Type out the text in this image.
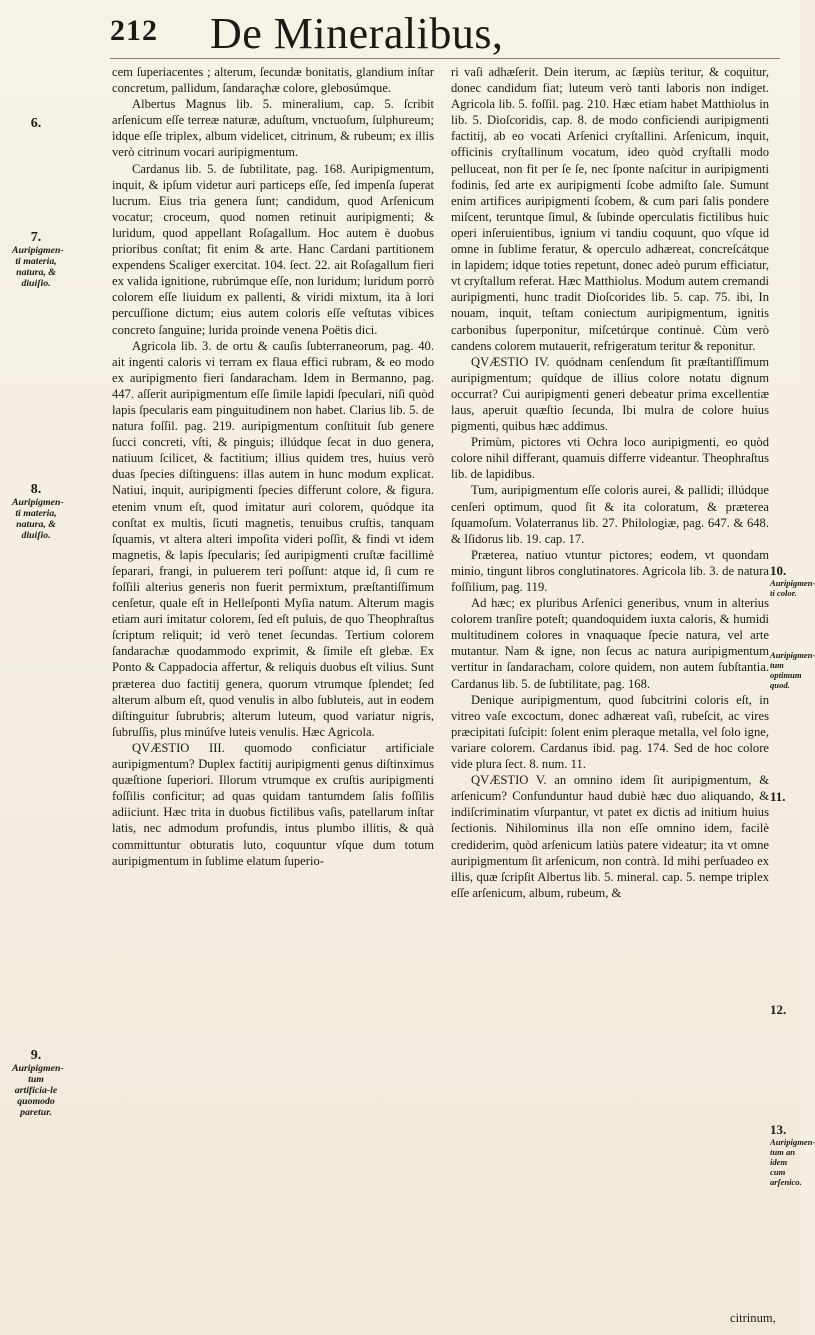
212 De Mineralibus,
6.
7.
Auripigmen-ti materia, natura, & diuiſio.
8.
Auripigmen-ti materia, natura, & diuiſio.
9.
Auripigmen-tum artificia-le quomodo paretur.
10.
Auripigmen-ti color.
Auripigmen-tum optimum quod.
11.
12.
13.
Auripigmen-tum an idem cum arſenico.

cem ſuperiacentes ; alterum, ſecundæ bonitatis, glandium inſtar concretum, pallidum, ſandaraçhæ colore, glebosúmque.

Albertus Magnus lib. 5. mineralium, cap. 5. ſcribit arſenicum eſſe terreæ naturæ, aduſtum, vnctuoſum, ſulphureum; idque eſſe triplex, album videlicet, citrinum, & rubeum; ex illis verò citrinum vocari auripigmentum.

Cardanus lib. 5. de ſubtilitate, pag. 168. Auripigmentum, inquit, & ipſum videtur auri particeps eſſe, ſed impenſa ſuperat lucrum. Eius tria genera ſunt; candidum, quod Arſenicum vocatur; croceum, quod nomen retinuit auripigmenti; & luridum, quod appellant Roſagallum. Hoc autem è duobus prioribus conſtat; fit enim & arte. Hanc Cardani partitionem expendens Scaliger exercitat. 104. ſect. 22. ait Roſagallum fieri ex valida ignitione, rubrúmque eſſe, non luridum; luridum porrò colorem eſſe liuidum ex pallenti, & viridi mixtum, ita à lori percuſſione dictum; eius autem coloris eſſe veſtutas vibices concreto ſanguine; lurida proinde venena Poëtis dici.

Agricola lib. 3. de ortu & cauſis ſubterraneorum, pag. 40. ait ingenti caloris vi terram ex flaua effici rubram, & eo modo ex auripigmento fieri ſandaracham. Idem in Bermanno, pag. 447. aſſerit auripigmentum eſſe ſimile lapidi ſpeculari, niſi quòd lapis ſpecularis eam pinguitudinem non habet. Clarius lib. 5. de natura foſſil. pag. 219. auripigmentum conſtituit ſub genere ſucci concreti, vſti, & pinguis; illúdque ſecat in duo genera, natiuum ſcilicet, & factitium; illius quidem tres, huius verò duas ſpecies diſtinguens: illas autem in hunc modum explicat. Natiui, inquit, auripigmenti ſpecies differunt colore, & figura. etenim vnum eſt, quod imitatur auri colorem, quódque ita conſtat ex multis, ſicuti magnetis, tenuibus cruſtis, tanquam ſquamis, vt altera alteri impoſita videri poſſit, & findi vt idem magnetis, & lapis ſpecularis; ſed auripigmenti cruſtæ facillimè ſeparari, frangi, in puluerem teri poſſunt: atque id, ſi cum re foſſili alterius generis non fuerit permixtum, præſtantiſſimum cenſetur, quale eſt in Helleſponti Myſia natum. Alterum magis etiam auri imitatur colorem, ſed eſt puluis, de quo Theophraſtus ſcriptum reliquit; id verò tenet ſecundas. Tertium colorem ſandarachæ quodammodo exprimit, & ſimile eſt glebæ. Ex Ponto & Cappadocia affertur, & reliquis duobus eſt vilius. Sunt præterea duo factitij genera, quorum vtrumque ſplendet; ſed alterum album eſt, quod venulis in albo ſubluteis, aut in eodem diſtinguitur ſubrubris; alterum luteum, quod variatur nigris, ſubruſſis, plus minúſve luteis venulis. Hæc Agricola.

QVÆSTIO III. quomodo conficiatur artificiale auripigmentum? Duplex factitij auripigmenti genus diſtinximus quæſtione ſuperiori. Illorum vtrumque ex cruſtis auripigmenti foſſilis conficitur; ad quas quidam tantumdem ſalis foſſilis adiiciunt. Hæc trita in duobus fictilibus vaſis, patellarum inſtar latis, nec admodum profundis, intus plumbo illitis, & quà committuntur obturatis luto, coquuntur vſque dum totum auripigmentum in ſublime elatum ſuperio-

ri vaſi adhæſerit. Dein iterum, ac ſæpiùs teritur, & coquitur, donec candidum fiat; luteum verò tanti laboris non indiget. Agricola lib. 5. foſſil. pag. 210. Hæc etiam habet Matthiolus in lib. 5. Dioſcoridis, cap. 8. de modo conficiendi auripigmenti factitij, ab eo vocati Arſenici cryſtallini. Arſenicum, inquit, officinis cryſtallinum vocatum, ideo quòd cryſtalli modo pelluceat, non fit per ſe ſe, nec ſponte naſcitur in auripigmenti fodinis, ſed arte ex auripigmenti ſcobe admiſto ſale. Sumunt enim artifices auripigmenti ſcobem, & cum pari ſalis pondere miſcent, teruntque ſimul, & ſubinde operculatis fictilibus huic operi inſeruientibus, ignium vi tandiu coquunt, quo vſque id omne in ſublime feratur, & operculo adhæreat, concreſcátque in lapidem; idque toties repetunt, donec adeò purum efficiatur, vt cryſtallum referat. Hæc Matthiolus. Modum autem cremandi auripigmenti, hunc tradit Dioſcorides lib. 5. cap. 75. ibi, In nouam, inquit, teſtam coniectum auripigmentum, ignitis carbonibus ſuperponitur, miſcetúrque continuè. Cùm verò candens colorem mutauerit, refrigeratum teritur & reponitur.

QVÆSTIO IV. quódnam cenſendum ſit præſtantiſſimum auripigmentum; quídque de illius colore notatu dignum occurrat? Cui auripigmenti generi debeatur prima excellentiæ laus, aperuit quæſtio ſecunda, Ibi mulra de colore huius pigmenti, quibus hæc addimus.

Primùm, pictores vti Ochra loco auripigmenti, eo quòd colore nihil differant, quamuis differre videantur. Theophraſtus lib. de lapidibus.

Tum, auripigmentum eſſe coloris aurei, & pallidi; illúdque cenſeri optimum, quod ſit & ita coloratum, & præterea ſquamoſum. Volaterranus lib. 27. Philologiæ, pag. 647. & 648. & Iſidorus lib. 19. cap. 17.

Præterea, natiuo vtuntur pictores; eodem, vt quondam minio, tingunt libros conglutinatores. Agricola lib. 3. de natura foſſilium, pag. 119.

Ad hæc; ex pluribus Arſenici generibus, vnum in alterius colorem tranſire poteſt; quandoquidem iuxta caloris, & humidi multitudinem colores in vnaquaque ſpecie natura, vel arte mutantur. Nam & igne, non ſecus ac natura auripigmentum vertitur in ſandaracham, colore quidem, non autem ſubſtantia. Cardanus lib. 5. de ſubtilitate, pag. 168.

Denique auripigmentum, quod ſubcitrini coloris eſt, in vitreo vaſe excoctum, donec adhæreat vaſi, rubeſcit, ac vires præcipitati ſuſcipit: ſolent enim pleraque metalla, vel ſolo igne, variare colorem. Cardanus ibid. pag. 174. Sed de hoc colore vide plura ſect. 8. num. 11.

QVÆSTIO V. an omnino idem ſit auripigmentum, & arſenicum? Confunduntur haud dubiè hæc duo aliquando, & indiſcriminatim vſurpantur, vt patet ex dictis ad initium huius ſectionis. Nihilominus illa non eſſe omnino idem, facilè crediderim, quòd arſenicum latiùs patere videatur; ita vt omne auripigmentum ſit arſenicum, non contrà. Id mihi perſuadeo ex illis, quæ ſcripſit Albertus lib. 5. mineral. cap. 5. nempe triplex eſſe arſenicum, album, rubeum, &

citrinum,
